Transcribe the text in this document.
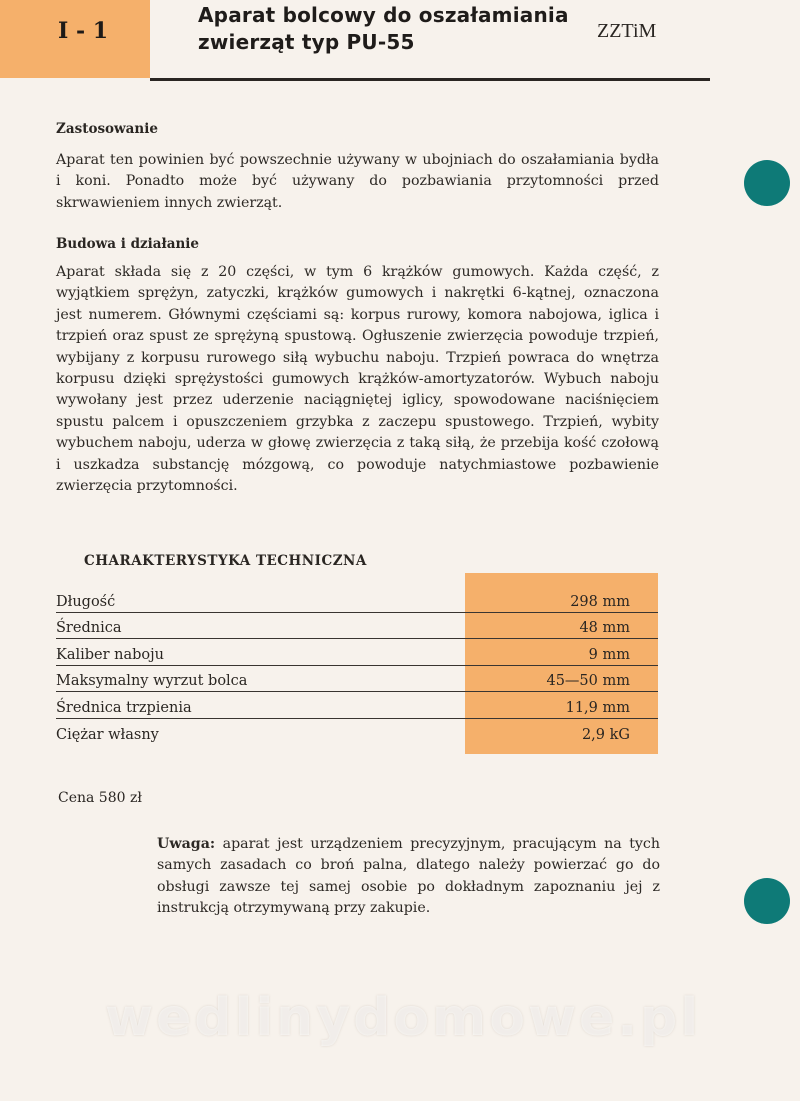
I - 1
Aparat bolcowy do oszałamiania
zwierząt typ PU-55	ZZTiM
Zastosowanie

Aparat ten powinien być powszechnie używany w ubojniach do oszałamiania bydła i koni. Ponadto może być używany do pozbawiania przytomności przed skrwawieniem innych zwierząt.

Budowa i działanie

Aparat składa się z 20 części, w tym 6 krążków gumowych. Każda część, z wyjątkiem sprężyn, zatyczki, krążków gumowych i nakrętki 6-kątnej, oznaczona jest numerem. Głównymi częściami są: korpus rurowy, komora nabojowa, iglica i trzpień oraz spust ze sprężyną spustową. Ogłuszenie zwierzęcia powoduje trzpień, wybijany z korpusu rurowego siłą wybuchu naboju. Trzpień powraca do wnętrza korpusu dzięki sprężystości gumowych krążków-amortyzatorów. Wybuch naboju wywołany jest przez uderzenie naciągniętej iglicy, spowodowane naciśnięciem spustu palcem i opuszczeniem grzybka z zaczepu spustowego. Trzpień, wybity wybuchem naboju, uderza w głowę zwierzęcia z taką siłą, że przebija kość czołową i uszkadza substancję mózgową, co powoduje natychmiastowe pozbawienie zwierzęcia przytomności.

CHARAKTERYSTYKA TECHNICZNA
Długość	298 mm
Średnica	48 mm
Kaliber naboju	9 mm
Maksymalny wyrzut bolca	45—50 mm
Średnica trzpienia	11,9 mm
Ciężar własny	2,9 kG
Cena 580 zł

Uwaga: aparat jest urządzeniem precyzyjnym, pracującym na tych samych zasadach co broń palna, dlatego należy powierzać go do obsługi zawsze tej samej osobie po dokładnym zapoznaniu jej z instrukcją otrzymywaną przy zakupie.

wedlinydomowe.pl
